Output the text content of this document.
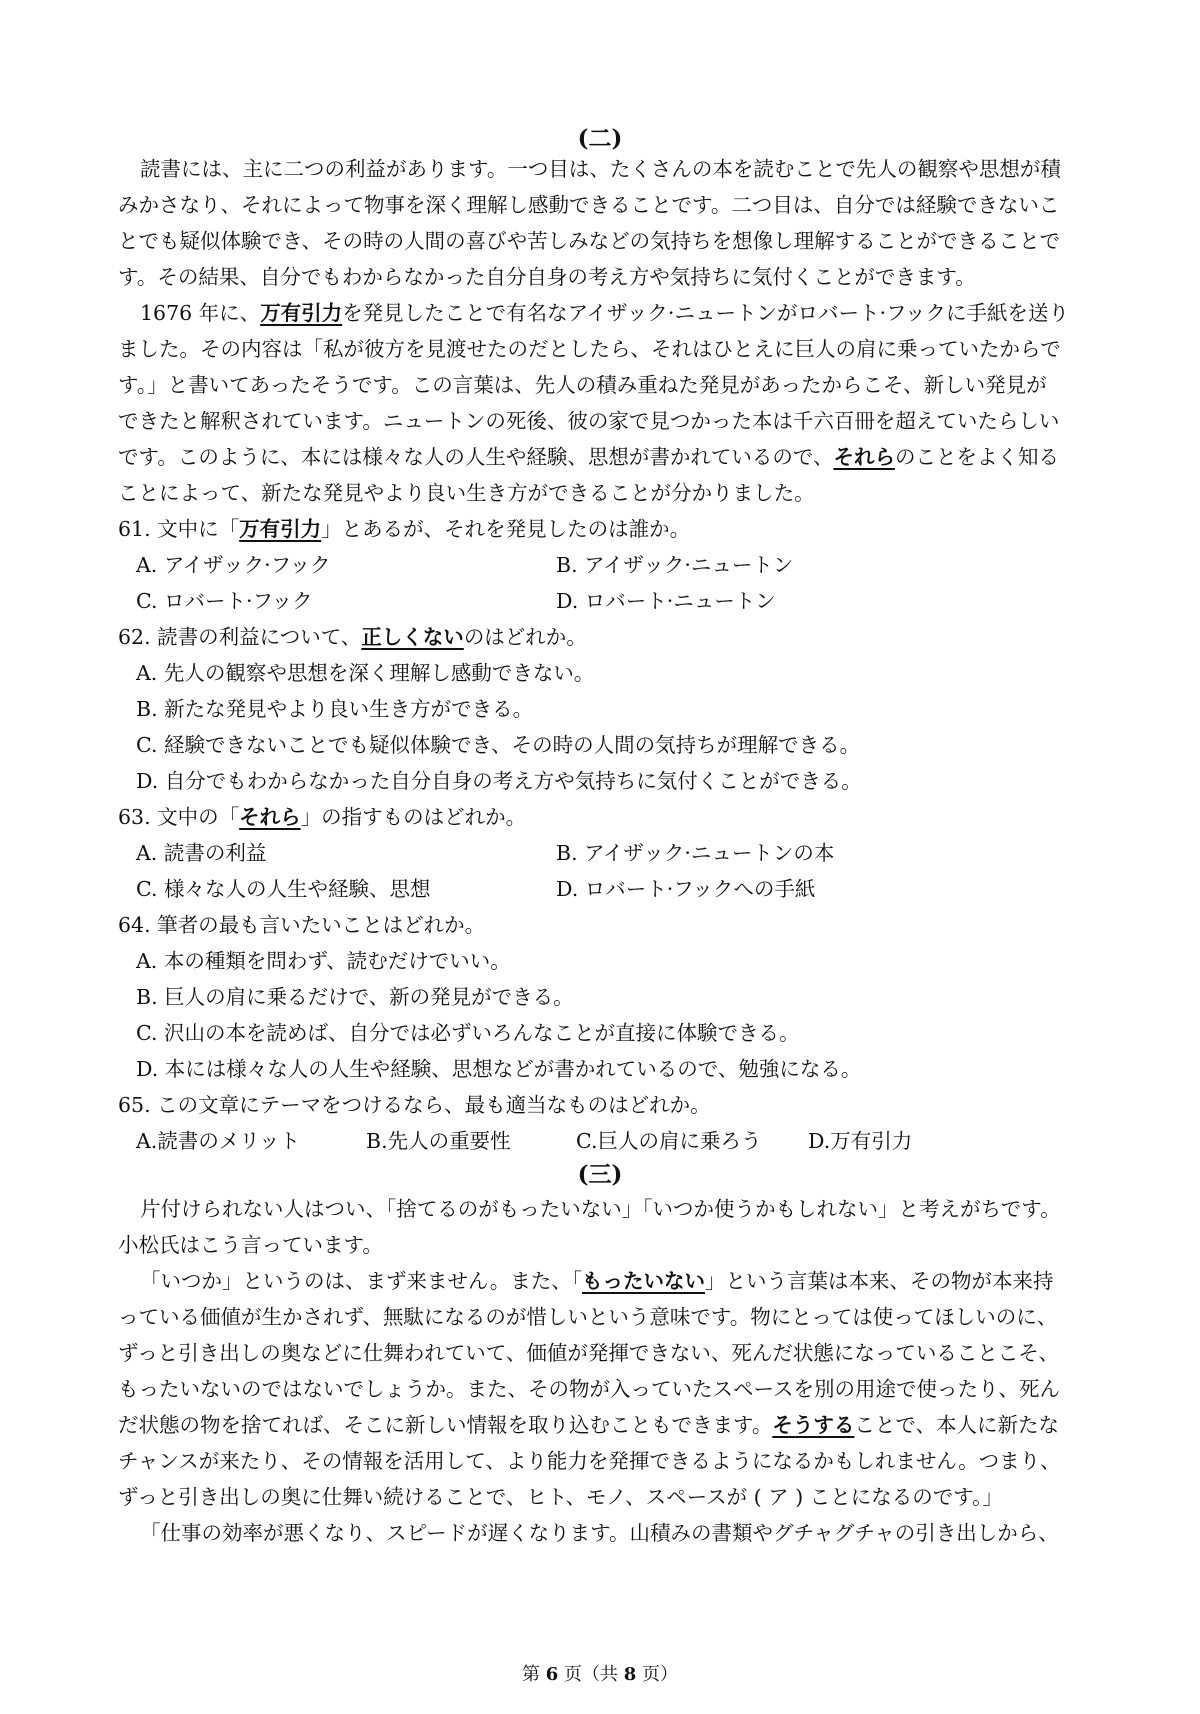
(二)
読書には、主に二つの利益があります。一つ目は、たくさんの本を読むことで先人の観察や思想が積
みかさなり、それによって物事を深く理解し感動できることです。二つ目は、自分では経験できないこ
とでも疑似体験でき、その時の人間の喜びや苦しみなどの気持ちを想像し理解することができることで
す。その結果、自分でもわからなかった自分自身の考え方や気持ちに気付くことができます。
1676 年に、万有引力を発見したことで有名なアイザック·ニュートンがロバート·フックに手紙を送り
ました。その内容は「私が彼方を見渡せたのだとしたら、それはひとえに巨人の肩に乗っていたからで
す。」と書いてあったそうです。この言葉は、先人の積み重ねた発見があったからこそ、新しい発見が
できたと解釈されています。ニュートンの死後、彼の家で見つかった本は千六百冊を超えていたらしい
です。このように、本には様々な人の人生や経験、思想が書かれているので、それらのことをよく知る
ことによって、新たな発見やより良い生き方ができることが分かりました。
61. 文中に「万有引力」とあるが、それを発見したのは誰か。
A. アイザック·フック	B. アイザック·ニュートン
C. ロバート·フック	D. ロバート·ニュートン
62. 読書の利益について、正しくないのはどれか。
A. 先人の観察や思想を深く理解し感動できない。
B. 新たな発見やより良い生き方ができる。
C. 経験できないことでも疑似体験でき、その時の人間の気持ちが理解できる。
D. 自分でもわからなかった自分自身の考え方や気持ちに気付くことができる。
63. 文中の「それら」の指すものはどれか。
A. 読書の利益	B. アイザック·ニュートンの本
C. 様々な人の人生や経験、思想	D. ロバート·フックへの手紙
64. 筆者の最も言いたいことはどれか。
A. 本の種類を問わず、読むだけでいい。
B. 巨人の肩に乗るだけで、新の発見ができる。
C. 沢山の本を読めば、自分では必ずいろんなことが直接に体験できる。
D. 本には様々な人の人生や経験、思想などが書かれているので、勉強になる。
65. この文章にテーマをつけるなら、最も適当なものはどれか。
A.読書のメリット	B.先人の重要性	C.巨人の肩に乗ろう D.万有引力
(三)
片付けられない人はつい、「捨てるのがもったいない」「いつか使うかもしれない」と考えがちです。
小松氏はこう言っています。
「いつか」というのは、まず来ません。また、「もったいない」という言葉は本来、その物が本来持
っている価値が生かされず、無駄になるのが惜しいという意味です。物にとっては使ってほしいのに、
ずっと引き出しの奥などに仕舞われていて、価値が発揮できない、死んだ状態になっていることこそ、
もったいないのではないでしょうか。また、その物が入っていたスペースを別の用途で使ったり、死ん
だ状態の物を捨てれば、そこに新しい情報を取り込むこともできます。そうすることで、本人に新たな
チャンスが来たり、その情報を活用して、より能力を発揮できるようになるかもしれません。つまり、
ずっと引き出しの奥に仕舞い続けることで、ヒト、モノ、スペースが ( ア ) ことになるのです。」
「仕事の効率が悪くなり、スピードが遅くなります。山積みの書類やグチャグチャの引き出しから、
第 6 页（共 8 页）
